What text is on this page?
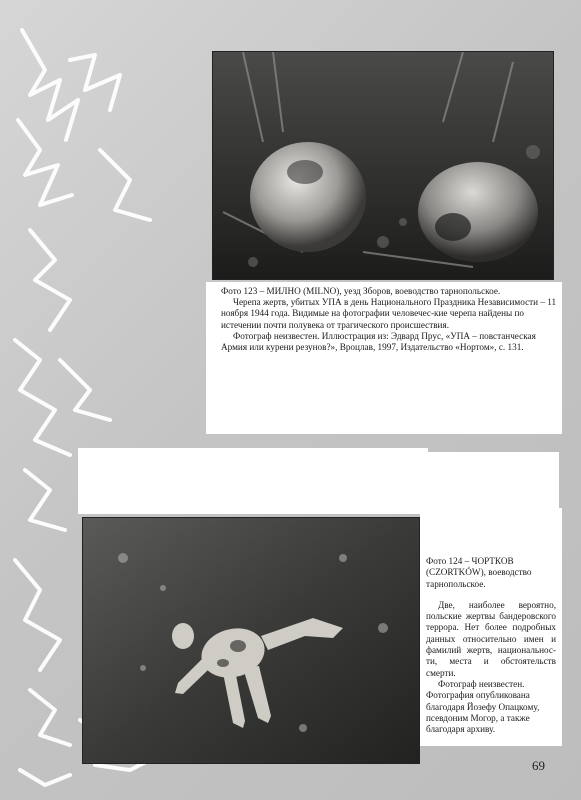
Фото 123 – МИЛНО (MILNO), уезд Зборов, воеводство тарнопольское.

Черепа жертв, убитых УПА в день Национального Праздника Независимости – 11 ноября 1944 года. Видимые на фотографии человечес-кие черепа найдены по истечении почти полувека от трагического происшествия.

Фотограф неизвестен. Иллюстрация из: Эдвард Прус, «УПА – повстанческая Армия или курени резунов?», Вроцлав, 1997, Издательство «Нортом», с. 131.

Фото 124 – ЧОРТКОВ (CZORTKÓW), воеводство тарнопольское.

Две, наиболее вероятно, польские жертвы бандеровского террора. Нет более подробных данных относительно имен и фамилий жертв, национальнос-ти, места и обстоятельств смерти.

Фотограф неизвестен. Фотография опубликована благодаря Йозефу Опацкому, псевдоним Могор, а также благодаря архиву.

69
